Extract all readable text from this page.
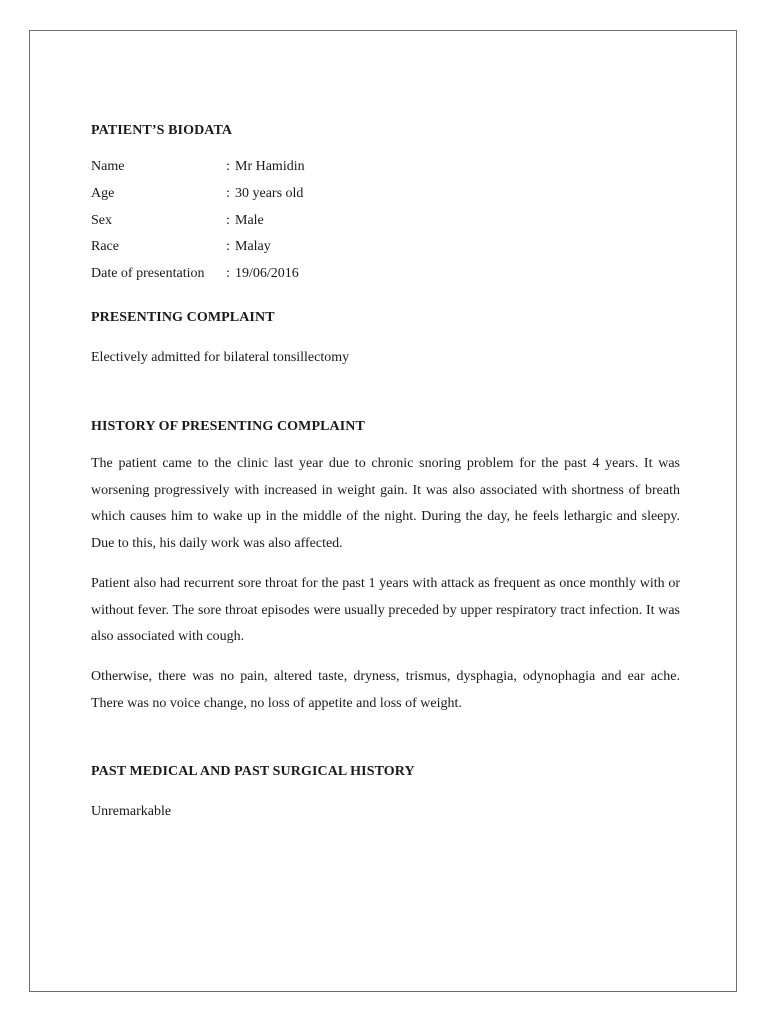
PATIENT’S BIODATA
Name	: Mr Hamidin
Age	: 30 years old
Sex	: Male
Race	: Malay
Date of presentation	: 19/06/2016
PRESENTING COMPLAINT

Electively admitted for bilateral tonsillectomy

HISTORY OF PRESENTING COMPLAINT

The patient came to the clinic last year due to chronic snoring problem for the past 4 years. It was worsening progressively with increased in weight gain. It was also associated with shortness of breath which causes him to wake up in the middle of the night. During the day, he feels lethargic and sleepy. Due to this, his daily work was also affected.

Patient also had recurrent sore throat for the past 1 years with attack as frequent as once monthly with or without fever. The sore throat episodes were usually preceded by upper respiratory tract infection. It was also associated with cough.

Otherwise, there was no pain, altered taste, dryness, trismus, dysphagia, odynophagia and ear ache. There was no voice change, no loss of appetite and loss of weight.

PAST MEDICAL AND PAST SURGICAL HISTORY

Unremarkable
